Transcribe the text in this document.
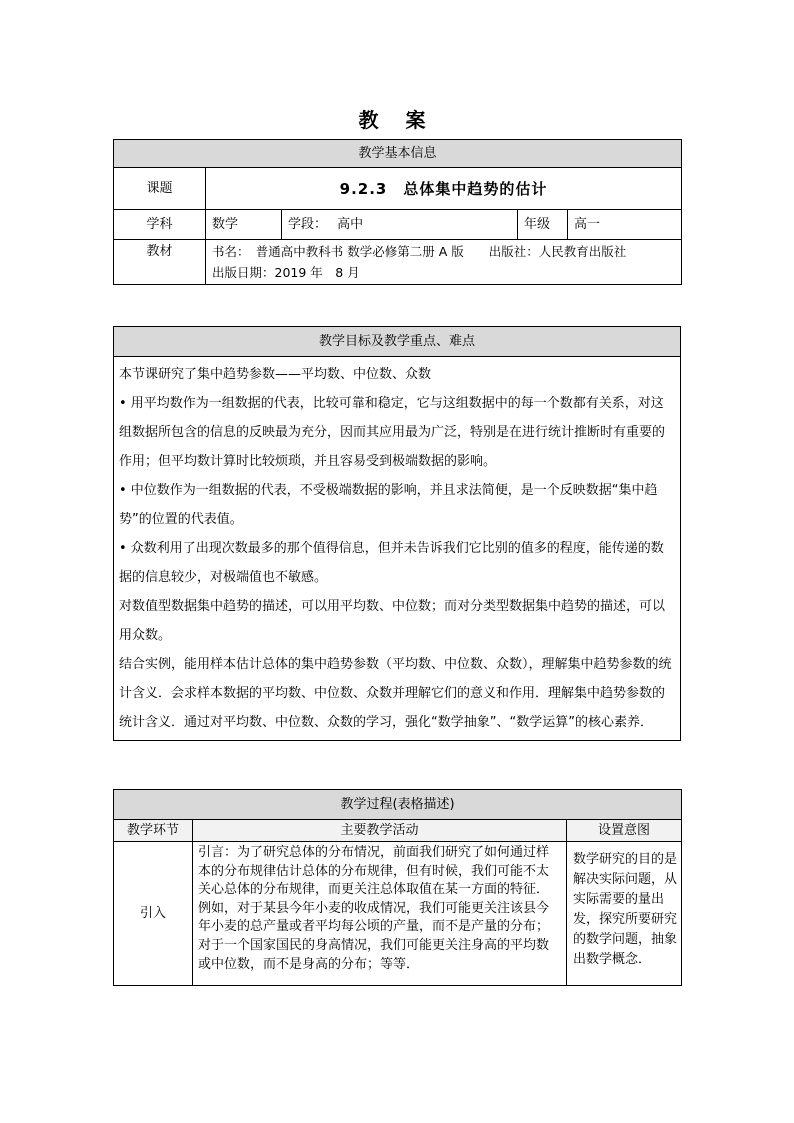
教 案
教学基本信息				
课题	9.2.3　总体集中趋势的估计			
学科	数学	学段： 高中	年级	高一
教材	书名：　普通高中教科书 数学必修第二册 A 版　　出版社：人民教育出版社
出版日期：2019 年　8 月			
教学目标及教学重点、难点

本节课研究了集中趋势参数——平均数、中位数、众数
• 用平均数作为一组数据的代表，比较可靠和稳定，它与这组数据中的每一个数都有关系，对这组数据所包含的信息的反映最为充分，因而其应用最为广泛，特别是在进行统计推断时有重要的作用；但平均数计算时比较烦琐，并且容易受到极端数据的影响。
• 中位数作为一组数据的代表，不受极端数据的影响，并且求法简便，是一个反映数据“集中趋势”的位置的代表值。
• 众数利用了出现次数最多的那个值得信息，但并未告诉我们它比别的值多的程度，能传递的数据的信息较少，对极端值也不敏感。
对数值型数据集中趋势的描述，可以用平均数、中位数；而对分类型数据集中趋势的描述，可以用众数。
结合实例，能用样本估计总体的集中趋势参数（平均数、中位数、众数），理解集中趋势参数的统计含义．会求样本数据的平均数、中位数、众数并理解它们的意义和作用．理解集中趋势参数的统计含义．通过对平均数、中位数、众数的学习，强化“数学抽象”、“数学运算”的核心素养．
教学过程(表格描述)		
教学环节	主要教学活动	设置意图
引入	引言：为了研究总体的分布情况，前面我们研究了如何通过样本的分布规律估计总体的分布规律，但有时候，我们可能不太关心总体的分布规律，而更关注总体取值在某一方面的特征．例如，对于某县今年小麦的收成情况，我们可能更关注该县今年小麦的总产量或者平均每公顷的产量，而不是产量的分布；对于一个国家国民的身高情况，我们可能更关注身高的平均数或中位数，而不是身高的分布；等等．	数学研究的目的是解决实际问题，从实际需要的量出发，探究所要研究的数学问题，抽象出数学概念．
